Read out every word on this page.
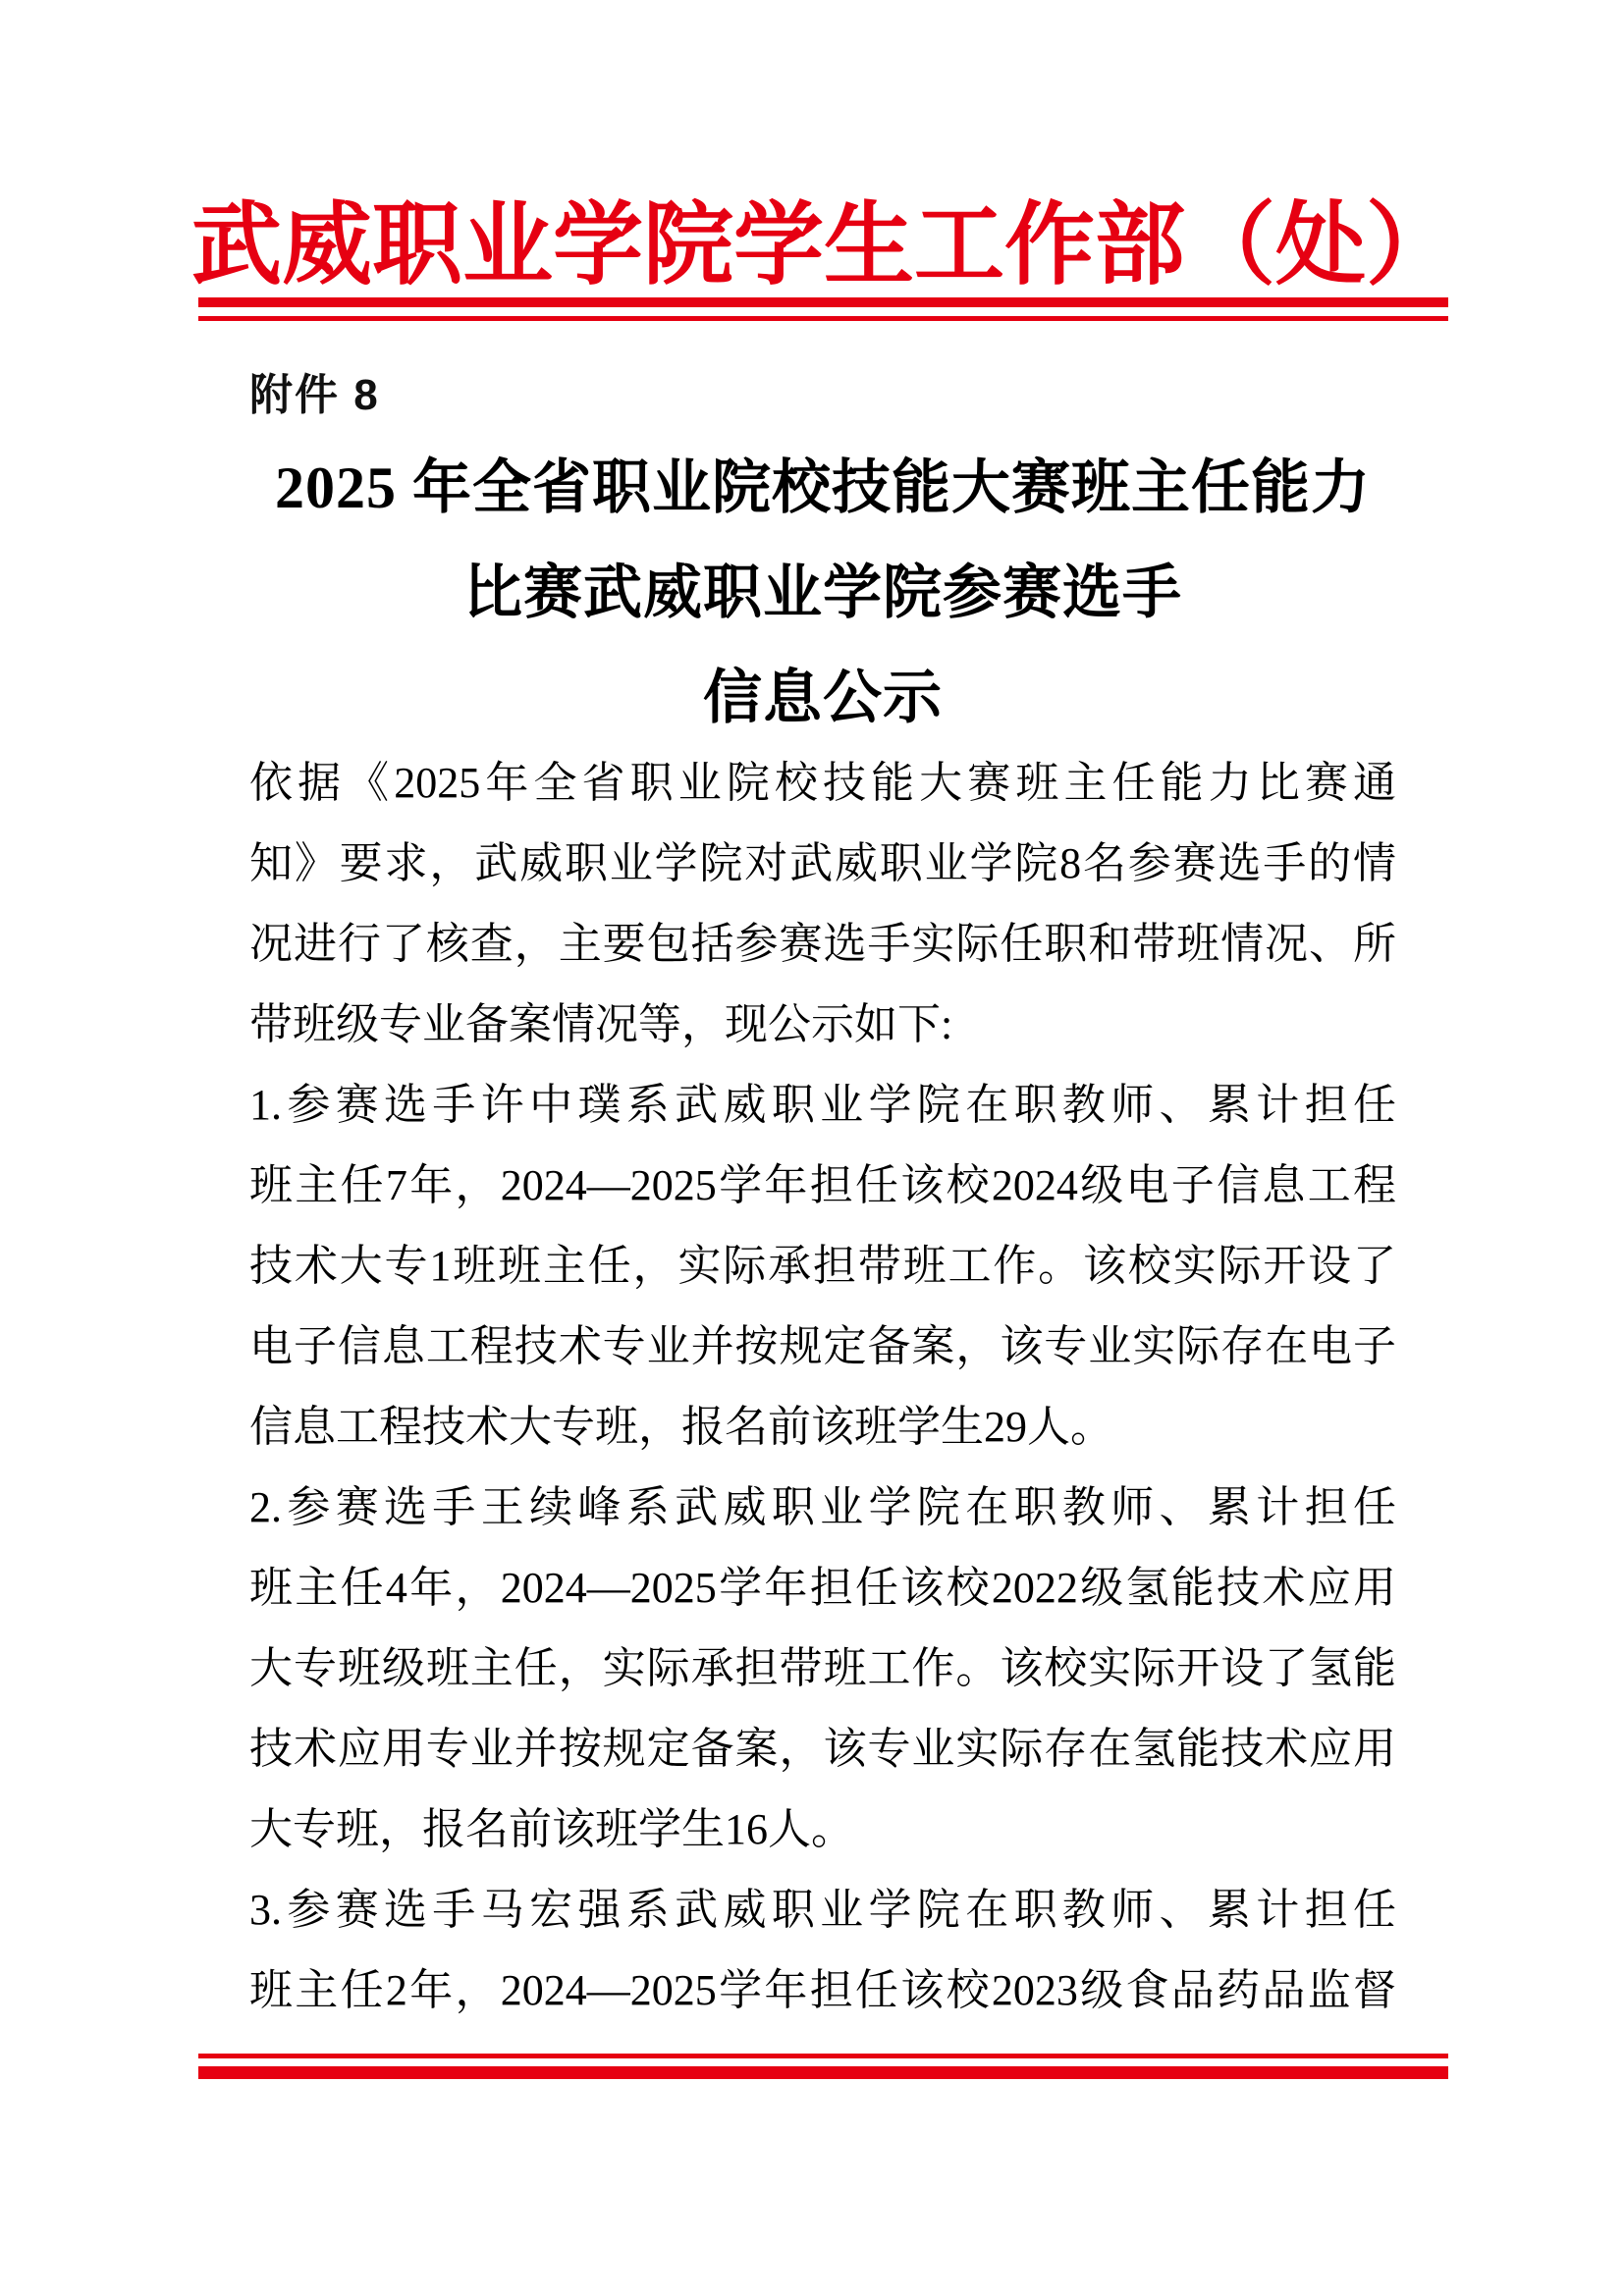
武威职业学院学生工作部（处）
附件 8
2025 年全省职业院校技能大赛班主任能力
比赛武威职业学院参赛选手
信息公示
依据《2025年全省职业院校技能大赛班主任能力比赛通
知》要求，武威职业学院对武威职业学院8名参赛选手的情
况进行了核查，主要包括参赛选手实际任职和带班情况、所
带班级专业备案情况等，现公示如下:
1.参赛选手许中璞系武威职业学院在职教师、累计担任
班主任7年，2024—2025学年担任该校2024级电子信息工程
技术大专1班班主任，实际承担带班工作。该校实际开设了
电子信息工程技术专业并按规定备案，该专业实际存在电子
信息工程技术大专班，报名前该班学生29人。
2.参赛选手王续峰系武威职业学院在职教师、累计担任
班主任4年，2024—2025学年担任该校2022级氢能技术应用
大专班级班主任，实际承担带班工作。该校实际开设了氢能
技术应用专业并按规定备案，该专业实际存在氢能技术应用
大专班，报名前该班学生16人。
3.参赛选手马宏强系武威职业学院在职教师、累计担任
班主任2年，2024—2025学年担任该校2023级食品药品监督
